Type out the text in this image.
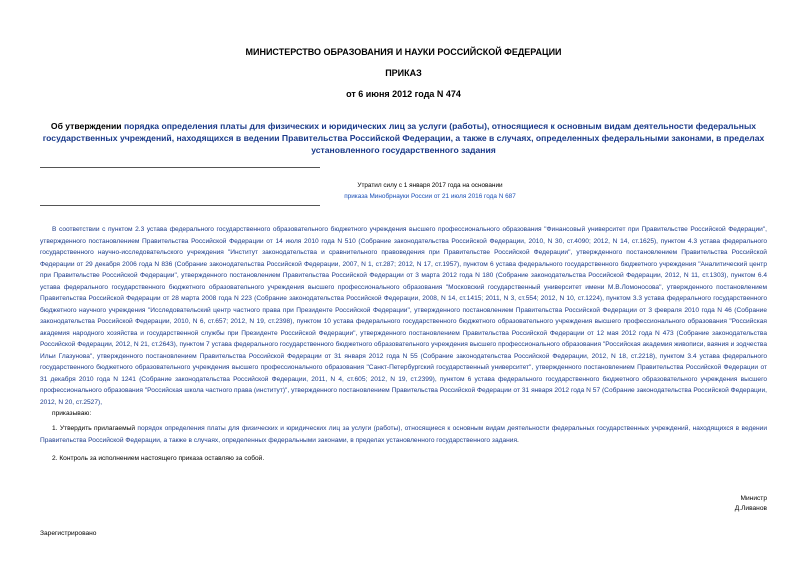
МИНИСТЕРСТВО ОБРАЗОВАНИЯ И НАУКИ РОССИЙСКОЙ ФЕДЕРАЦИИ
ПРИКАЗ
от 6 июня 2012 года N 474
Об утверждении порядка определения платы для физических и юридических лиц за услуги (работы), относящиеся к основным видам деятельности федеральных государственных учреждений, находящихся в ведении Правительства Российской Федерации, а также в случаях, определенных федеральными законами, в пределах установленного государственного задания
Утратил силу с 1 января 2017 года на основании
приказа Минобрнауки России от 21 июля 2016 года N 687
В соответствии с пунктом 2.3 устава федерального государственного образовательного бюджетного учреждения высшего профессионального образования "Финансовый университет при Правительстве Российской Федерации", утвержденного постановлением Правительства Российской Федерации от 14 июля 2010 года N 510 (Собрание законодательства Российской Федерации, 2010, N 30, ст.4090; 2012, N 14, ст.1625), пунктом 4.3 устава федерального государственного научно-исследовательского учреждения "Институт законодательства и сравнительного правоведения при Правительстве Российской Федерации", утвержденного постановлением Правительства Российской Федерации от 29 декабря 2006 года N 836 (Собрание законодательства Российской Федерации, 2007, N 1, ст.287; 2012, N 17, ст.1957), пунктом 6 устава федерального государственного бюджетного учреждения "Аналитический центр при Правительстве Российской Федерации", утвержденного постановлением Правительства Российской Федерации от 3 марта 2012 года N 180 (Собрание законодательства Российской Федерации, 2012, N 11, ст.1303), пунктом 6.4 устава федерального государственного бюджетного образовательного учреждения высшего профессионального образования "Московский государственный университет имени М.В.Ломоносова", утвержденного постановлением Правительства Российской Федерации от 28 марта 2008 года N 223 (Собрание законодательства Российской Федерации, 2008, N 14, ст.1415; 2011, N 3, ст.554; 2012, N 10, ст.1224), пунктом 3.3 устава федерального государственного бюджетного научного учреждения "Исследовательский центр частного права при Президенте Российской Федерации", утвержденного постановлением Правительства Российской Федерации от 3 февраля 2010 года N 46 (Собрание законодательства Российской Федерации, 2010, N 6, ст.657; 2012, N 19, ст.2398), пунктом 10 устава федерального государственного бюджетного образовательного учреждения высшего профессионального образования "Российская академия народного хозяйства и государственной службы при Президенте Российской Федерации", утвержденного постановлением Правительства Российской Федерации от 12 мая 2012 года N 473 (Собрание законодательства Российской Федерации, 2012, N 21, ст.2643), пунктом 7 устава федерального государственного бюджетного образовательного учреждения высшего профессионального образования "Российская академия живописи, ваяния и зодчества Ильи Глазунова", утвержденного постановлением Правительства Российской Федерации от 31 января 2012 года N 55 (Собрание законодательства Российской Федерации, 2012, N 18, ст.2218), пунктом 3.4 устава федерального государственного бюджетного образовательного учреждения высшего профессионального образования "Санкт-Петербургский государственный университет", утвержденного постановлением Правительства Российской Федерации от 31 декабря 2010 года N 1241 (Собрание законодательства Российской Федерации, 2011, N 4, ст.605; 2012, N 19, ст.2399), пунктом 6 устава федерального государственного бюджетного образовательного учреждения высшего профессионального образования "Российская школа частного права (институт)", утвержденного постановлением Правительства Российской Федерации от 31 января 2012 года N 57 (Собрание законодательства Российской Федерации, 2012, N 20, ст.2527),
приказываю:
1. Утвердить прилагаемый порядок определения платы для физических и юридических лиц за услуги (работы), относящиеся к основным видам деятельности федеральных государственных учреждений, находящихся в ведении Правительства Российской Федерации, а также в случаях, определенных федеральными законами, в пределах установленного государственного задания.
2. Контроль за исполнением настоящего приказа оставляю за собой.
Министр
Д.Ливанов
Зарегистрировано
